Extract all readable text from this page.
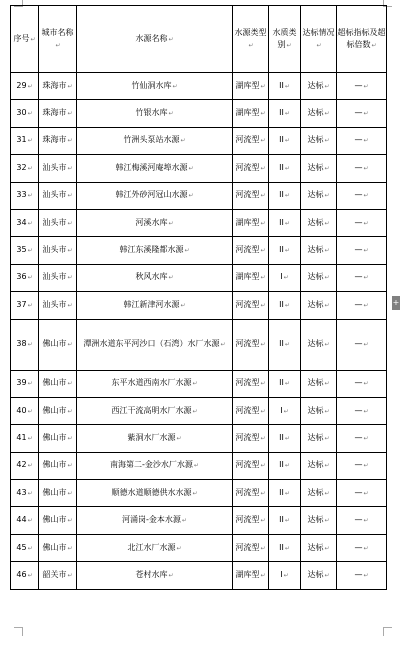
+
序号↵	城市名称↵	水源名称↵	水源类型↵	水质类别↵	达标情况↵	超标指标及超标倍数↵
29↵	珠海市↵	竹仙洞水库↵	湖库型↵	II↵	达标↵	—↵
30↵	珠海市↵	竹银水库↵	湖库型↵	II↵	达标↵	—↵
31↵	珠海市↵	竹洲头泵站水源↵	河流型↵	II↵	达标↵	—↵
32↵	汕头市↵	韩江梅溪河庵埠水源↵	河流型↵	II↵	达标↵	—↵
33↵	汕头市↵	韩江外砂河冠山水源↵	河流型↵	II↵	达标↵	—↵
34↵	汕头市↵	河溪水库↵	湖库型↵	II↵	达标↵	—↵
35↵	汕头市↵	韩江东溪隆都水源↵	河流型↵	II↵	达标↵	—↵
36↵	汕头市↵	秋风水库↵	湖库型↵	I↵	达标↵	—↵
37↵	汕头市↵	韩江新津河水源↵	河流型↵	II↵	达标↵	—↵
38↵	佛山市↵	潭洲水道东平河沙口（石湾）水厂水源↵	河流型↵	II↵	达标↵	—↵
39↵	佛山市↵	东平水道西南水厂水源↵	河流型↵	II↵	达标↵	—↵
40↵	佛山市↵	西江干流高明水厂水源↵	河流型↵	I↵	达标↵	—↵
41↵	佛山市↵	紫洞水厂水源↵	河流型↵	II↵	达标↵	—↵
42↵	佛山市↵	南海第二-金沙水厂水源↵	河流型↵	II↵	达标↵	—↵
43↵	佛山市↵	顺德水道顺德供水水源↵	河流型↵	II↵	达标↵	—↵
44↵	佛山市↵	河涌岗-金本水源↵	河流型↵	II↵	达标↵	—↵
45↵	佛山市↵	北江水厂水源↵	河流型↵	II↵	达标↵	—↵
46↵	韶关市↵	苍村水库↵	湖库型↵	I↵	达标↵	—↵
